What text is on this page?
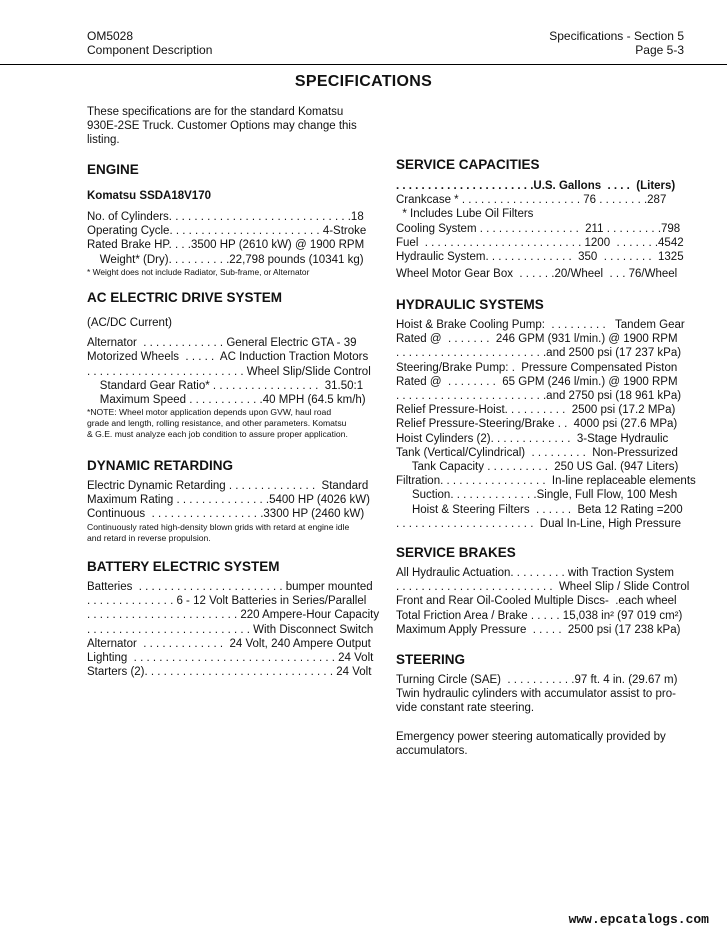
OM5028
Component Description
Specifications - Section 5
Page 5-3
SPECIFICATIONS
These specifications are for the standard Komatsu
930E-2SE Truck. Customer Options may change this
listing.
ENGINE
Komatsu SSDA18V170
No. of Cylinders. . . . . . . . . . . . . . . . . . . . . . . . . . . . .18
Operating Cycle. . . . . . . . . . . . . . . . . . . . . . . . 4-Stroke
Rated Brake HP. . . .3500 HP (2610 kW) @ 1900 RPM
Weight* (Dry). . . . . . . . . .22,798 pounds (10341 kg)
* Weight does not include Radiator, Sub-frame, or Alternator
AC ELECTRIC DRIVE SYSTEM
(AC/DC Current)
Alternator  . . . . . . . . . . . . . General Electric GTA - 39
Motorized Wheels  . . . . .  AC Induction Traction Motors
. . . . . . . . . . . . . . . . . . . . . . . . . Wheel Slip/Slide Control
Standard Gear Ratio* . . . . . . . . . . . . . . . . .  31.50:1
Maximum Speed . . . . . . . . . . . .40 MPH (64.5 km/h)
*NOTE: Wheel motor application depends upon GVW, haul road
grade and length, rolling resistance, and other parameters. Komatsu
& G.E. must analyze each job condition to assure proper application.
DYNAMIC RETARDING
Electric Dynamic Retarding . . . . . . . . . . . . . .  Standard
Maximum Rating . . . . . . . . . . . . . . .5400 HP (4026 kW)
Continuous  . . . . . . . . . . . . . . . . . .3300 HP (2460 kW)
Continuously rated high-density blown grids with retard at engine idle
and retard in reverse propulsion.
BATTERY ELECTRIC SYSTEM
Batteries  . . . . . . . . . . . . . . . . . . . . . . . bumper mounted
. . . . . . . . . . . . . . 6 - 12 Volt Batteries in Series/Parallel
. . . . . . . . . . . . . . . . . . . . . . . . 220 Ampere-Hour Capacity
. . . . . . . . . . . . . . . . . . . . . . . . . . With Disconnect Switch
Alternator  . . . . . . . . . . . . .  24 Volt, 240 Ampere Output
Lighting  . . . . . . . . . . . . . . . . . . . . . . . . . . . . . . . . 24 Volt
Starters (2). . . . . . . . . . . . . . . . . . . . . . . . . . . . . . 24 Volt
SERVICE CAPACITIES
. . . . . . . . . . . . . . . . . . . . . .U.S. Gallons  . . . .  (Liters)
Crankcase * . . . . . . . . . . . . . . . . . . . 76 . . . . . . . .287
* Includes Lube Oil Filters
Cooling System . . . . . . . . . . . . . . . .  211 . . . . . . . . .798
Fuel  . . . . . . . . . . . . . . . . . . . . . . . . . 1200  . . . . . . .4542
Hydraulic System. . . . . . . . . . . . . .  350  . . . . . . . .  1325
Wheel Motor Gear Box  . . . . . .20/Wheel  . . . 76/Wheel
HYDRAULIC SYSTEMS
Hoist & Brake Cooling Pump:  . . . . . . . . .   Tandem Gear
Rated @  . . . . . . .  246 GPM (931 l/min.) @ 1900 RPM
. . . . . . . . . . . . . . . . . . . . . . . .and 2500 psi (17 237 kPa)
Steering/Brake Pump: .  Pressure Compensated Piston
Rated @  . . . . . . . .  65 GPM (246 l/min.) @ 1900 RPM
. . . . . . . . . . . . . . . . . . . . . . . .and 2750 psi (18 961 kPa)
Relief Pressure-Hoist. . . . . . . . . .  2500 psi (17.2 MPa)
Relief Pressure-Steering/Brake . .  4000 psi (27.6 MPa)
Hoist Cylinders (2). . . . . . . . . . . . .  3-Stage Hydraulic
Tank (Vertical/Cylindrical)  . . . . . . . . .  Non-Pressurized
Tank Capacity . . . . . . . . . .  250 US Gal. (947 Liters)
Filtration. . . . . . . . . . . . . . . . .  In-line replaceable elements
Suction. . . . . . . . . . . . . .Single, Full Flow, 100 Mesh
Hoist & Steering Filters  . . . . . .  Beta 12 Rating =200
. . . . . . . . . . . . . . . . . . . . . .  Dual In-Line, High Pressure
SERVICE BRAKES
All Hydraulic Actuation. . . . . . . . . with Traction System
. . . . . . . . . . . . . . . . . . . . . . . . .  Wheel Slip / Slide Control
Front and Rear Oil-Cooled Multiple Discs-  .each wheel
Total Friction Area / Brake . . . . . 15,038 in² (97 019 cm²)
Maximum Apply Pressure  . . . . .  2500 psi (17 238 kPa)
STEERING
Turning Circle (SAE)  . . . . . . . . . . .97 ft. 4 in. (29.67 m)
Twin hydraulic cylinders with accumulator assist to pro-
vide constant rate steering.
Emergency power steering automatically provided by
accumulators.
www.epcatalogs.com
